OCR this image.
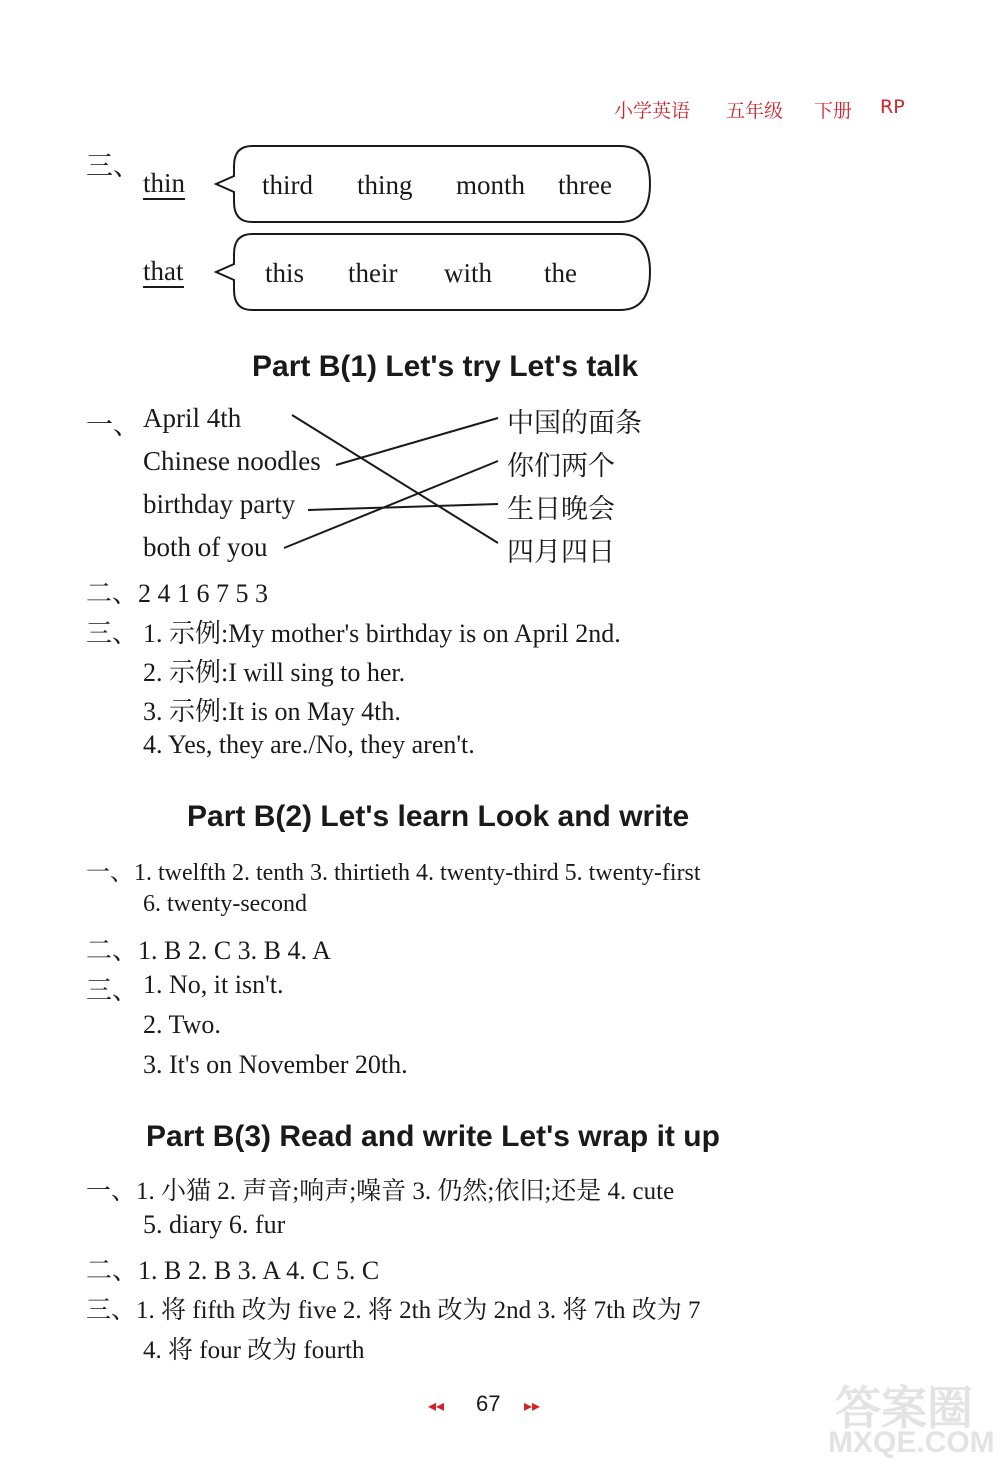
小学英语 五年级 下册 RP
三、
thin	third thing month three
that	this their with the
Part B(1) Let's try Let's talk
一、 April 4th
Chinese noodles
birthday party
both of you
中国的面条
你们两个
生日晚会
四月四日
二、2 4 1 6 7 5 3
三、 1. 示例:My mother's birthday is on April 2nd.
2. 示例:I will sing to her.
3. 示例:It is on May 4th.
4. Yes, they are./No, they aren't.
Part B(2) Let's learn Look and write
一、1. twelfth 2. tenth 3. thirtieth 4. twenty-third 5. twenty-first
6. twenty-second
二、1. B 2. C 3. B 4. A
三、 1. No, it isn't.
2. Two.
3. It's on November 20th.
Part B(3) Read and write Let's wrap it up
一、1. 小猫 2. 声音;响声;噪音 3. 仍然;依旧;还是 4. cute
5. diary 6. fur
二、1. B 2. B 3. A 4. C 5. C
三、1. 将 fifth 改为 five 2. 将 2th 改为 2nd 3. 将 7th 改为 7
4. 将 four 改为 fourth
◂◂ 67 ▸▸	答案圈
MXQE.COM
